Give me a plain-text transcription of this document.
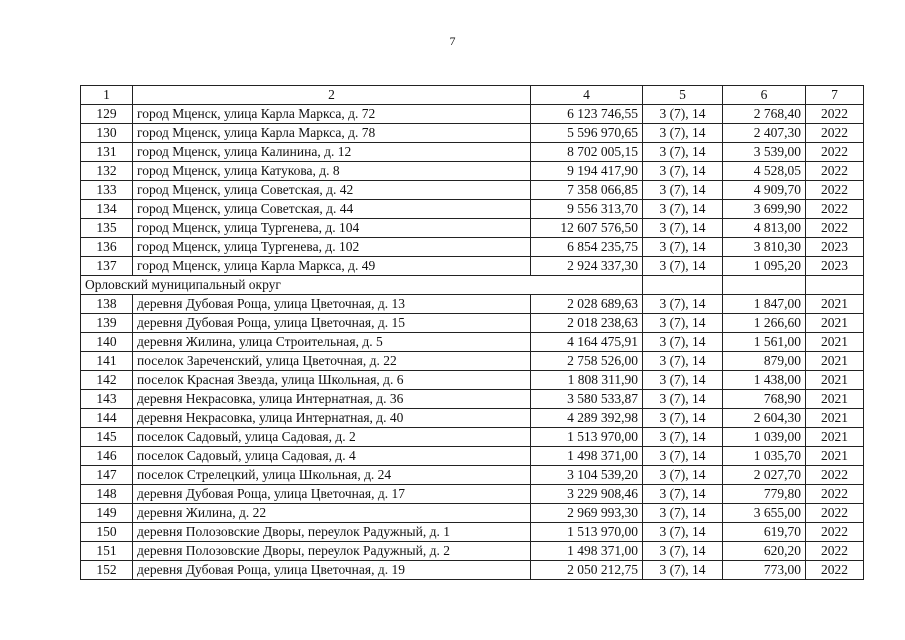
7
1	2	4	5	6	7
129	город Мценск, улица Карла Маркса, д. 72	6 123 746,55	3 (7), 14	2 768,40	2022
130	город Мценск, улица Карла Маркса, д. 78	5 596 970,65	3 (7), 14	2 407,30	2022
131	город Мценск, улица Калинина, д. 12	8 702 005,15	3 (7), 14	3 539,00	2022
132	город Мценск, улица Катукова, д. 8	9 194 417,90	3 (7), 14	4 528,05	2022
133	город Мценск, улица Советская, д. 42	7 358 066,85	3 (7), 14	4 909,70	2022
134	город Мценск, улица Советская, д. 44	9 556 313,70	3 (7), 14	3 699,90	2022
135	город Мценск, улица Тургенева, д. 104	12 607 576,50	3 (7), 14	4 813,00	2022
136	город Мценск, улица Тургенева, д. 102	6 854 235,75	3 (7), 14	3 810,30	2023
137	город Мценск, улица Карла Маркса, д. 49	2 924 337,30	3 (7), 14	1 095,20	2023
Орловский муниципальный округ					
138	деревня Дубовая Роща, улица Цветочная, д. 13	2 028 689,63	3 (7), 14	1 847,00	2021
139	деревня Дубовая Роща, улица Цветочная, д. 15	2 018 238,63	3 (7), 14	1 266,60	2021
140	деревня Жилина, улица Строительная, д. 5	4 164 475,91	3 (7), 14	1 561,00	2021
141	поселок Зареченский, улица Цветочная, д. 22	2 758 526,00	3 (7), 14	879,00	2021
142	поселок Красная Звезда, улица Школьная, д. 6	1 808 311,90	3 (7), 14	1 438,00	2021
143	деревня Некрасовка, улица Интернатная, д. 36	3 580 533,87	3 (7), 14	768,90	2021
144	деревня Некрасовка, улица Интернатная, д. 40	4 289 392,98	3 (7), 14	2 604,30	2021
145	поселок Садовый, улица Садовая, д. 2	1 513 970,00	3 (7), 14	1 039,00	2021
146	поселок Садовый, улица Садовая, д. 4	1 498 371,00	3 (7), 14	1 035,70	2021
147	поселок Стрелецкий, улица Школьная, д. 24	3 104 539,20	3 (7), 14	2 027,70	2022
148	деревня Дубовая Роща, улица Цветочная, д. 17	3 229 908,46	3 (7), 14	779,80	2022
149	деревня Жилина, д. 22	2 969 993,30	3 (7), 14	3 655,00	2022
150	деревня Полозовские Дворы, переулок Радужный, д. 1	1 513 970,00	3 (7), 14	619,70	2022
151	деревня Полозовские Дворы, переулок Радужный, д. 2	1 498 371,00	3 (7), 14	620,20	2022
152	деревня Дубовая Роща, улица Цветочная, д. 19	2 050 212,75	3 (7), 14	773,00	2022
